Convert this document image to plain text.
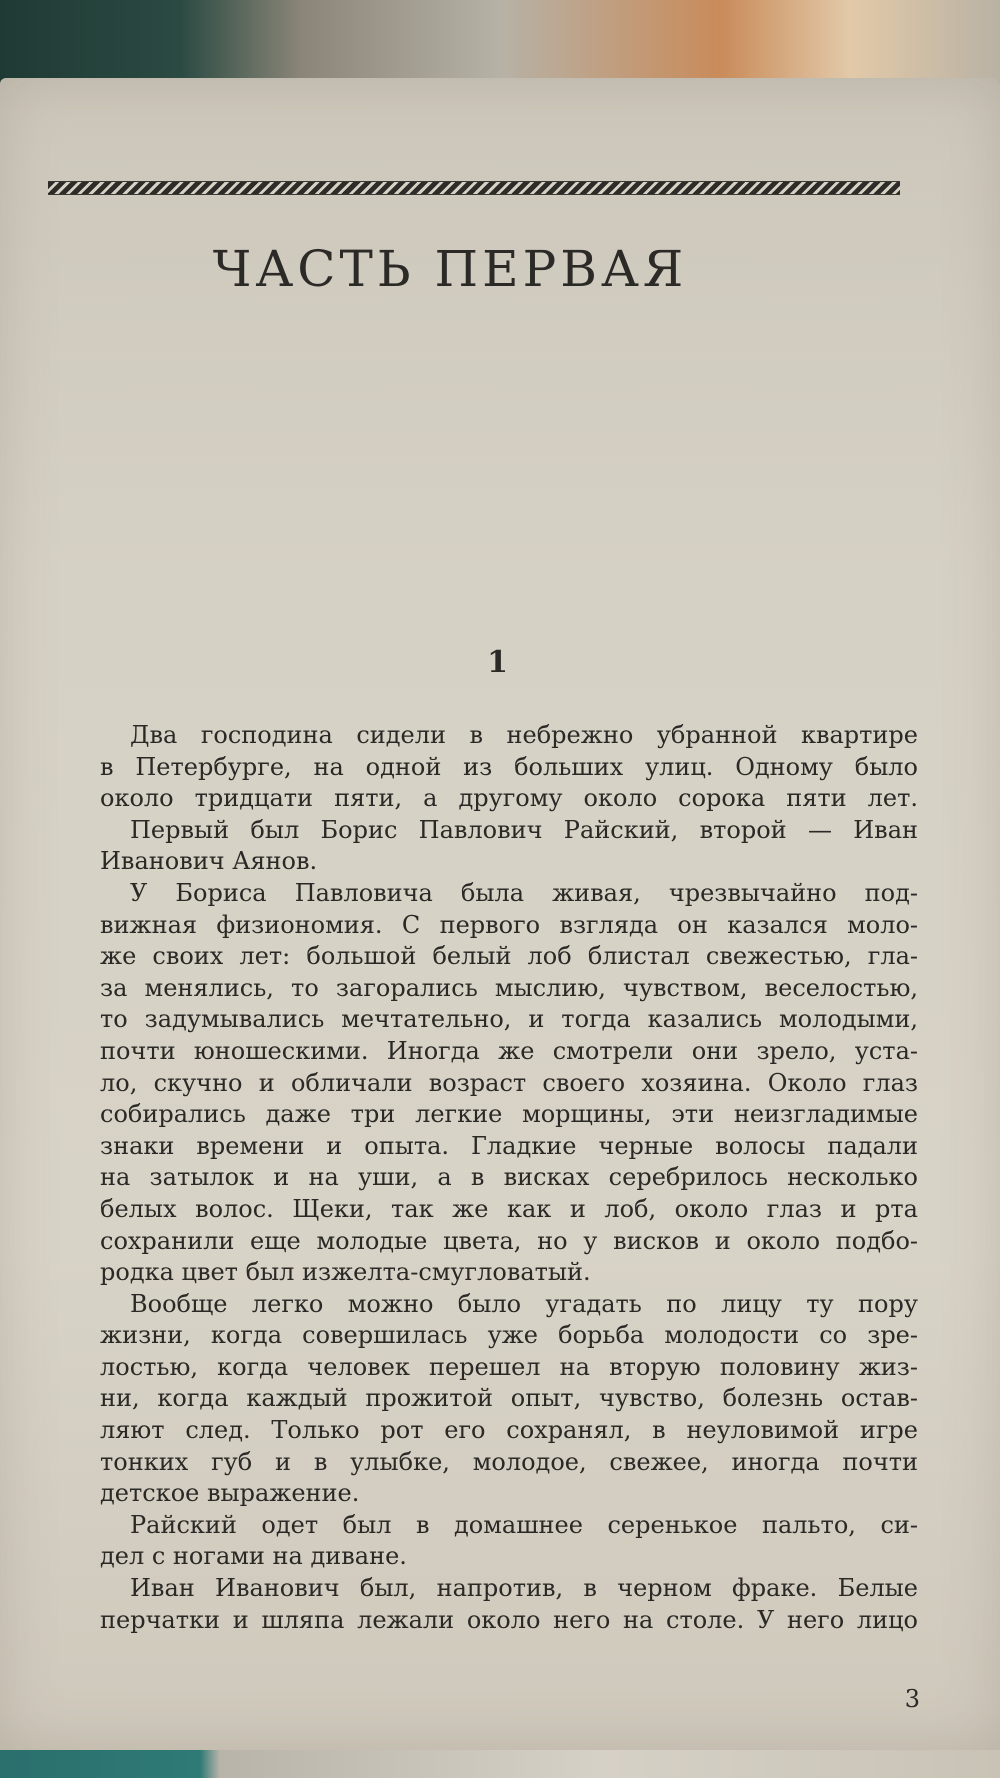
ЧАСТЬ ПЕРВАЯ
1
Два господина сидели в небрежно убранной квартире
в Петербурге, на одной из больших улиц. Одному было
около тридцати пяти, а другому около сорока пяти лет.
Первый был Борис Павлович Райский, второй — Иван
Иванович Аянов.
У Бориса Павловича была живая, чрезвычайно под-
вижная физиономия. С первого взгляда он казался моло-
же своих лет: большой белый лоб блистал свежестью, гла-
за менялись, то загорались мыслию, чувством, веселостью,
то задумывались мечтательно, и тогда казались молодыми,
почти юношескими. Иногда же смотрели они зрело, уста-
ло, скучно и обличали возраст своего хозяина. Около глаз
собирались даже три легкие морщины, эти неизгладимые
знаки времени и опыта. Гладкие черные волосы падали
на затылок и на уши, а в висках серебрилось несколько
белых волос. Щеки, так же как и лоб, около глаз и рта
сохранили еще молодые цвета, но у висков и около подбо-
родка цвет был изжелта-смугловатый.
Вообще легко можно было угадать по лицу ту пору
жизни, когда совершилась уже борьба молодости со зре-
лостью, когда человек перешел на вторую половину жиз-
ни, когда каждый прожитой опыт, чувство, болезнь остав-
ляют след. Только рот его сохранял, в неуловимой игре
тонких губ и в улыбке, молодое, свежее, иногда почти
детское выражение.
Райский одет был в домашнее серенькое пальто, си-
дел с ногами на диване.
Иван Иванович был, напротив, в черном фраке. Белые
перчатки и шляпа лежали около него на столе. У него лицо
3
